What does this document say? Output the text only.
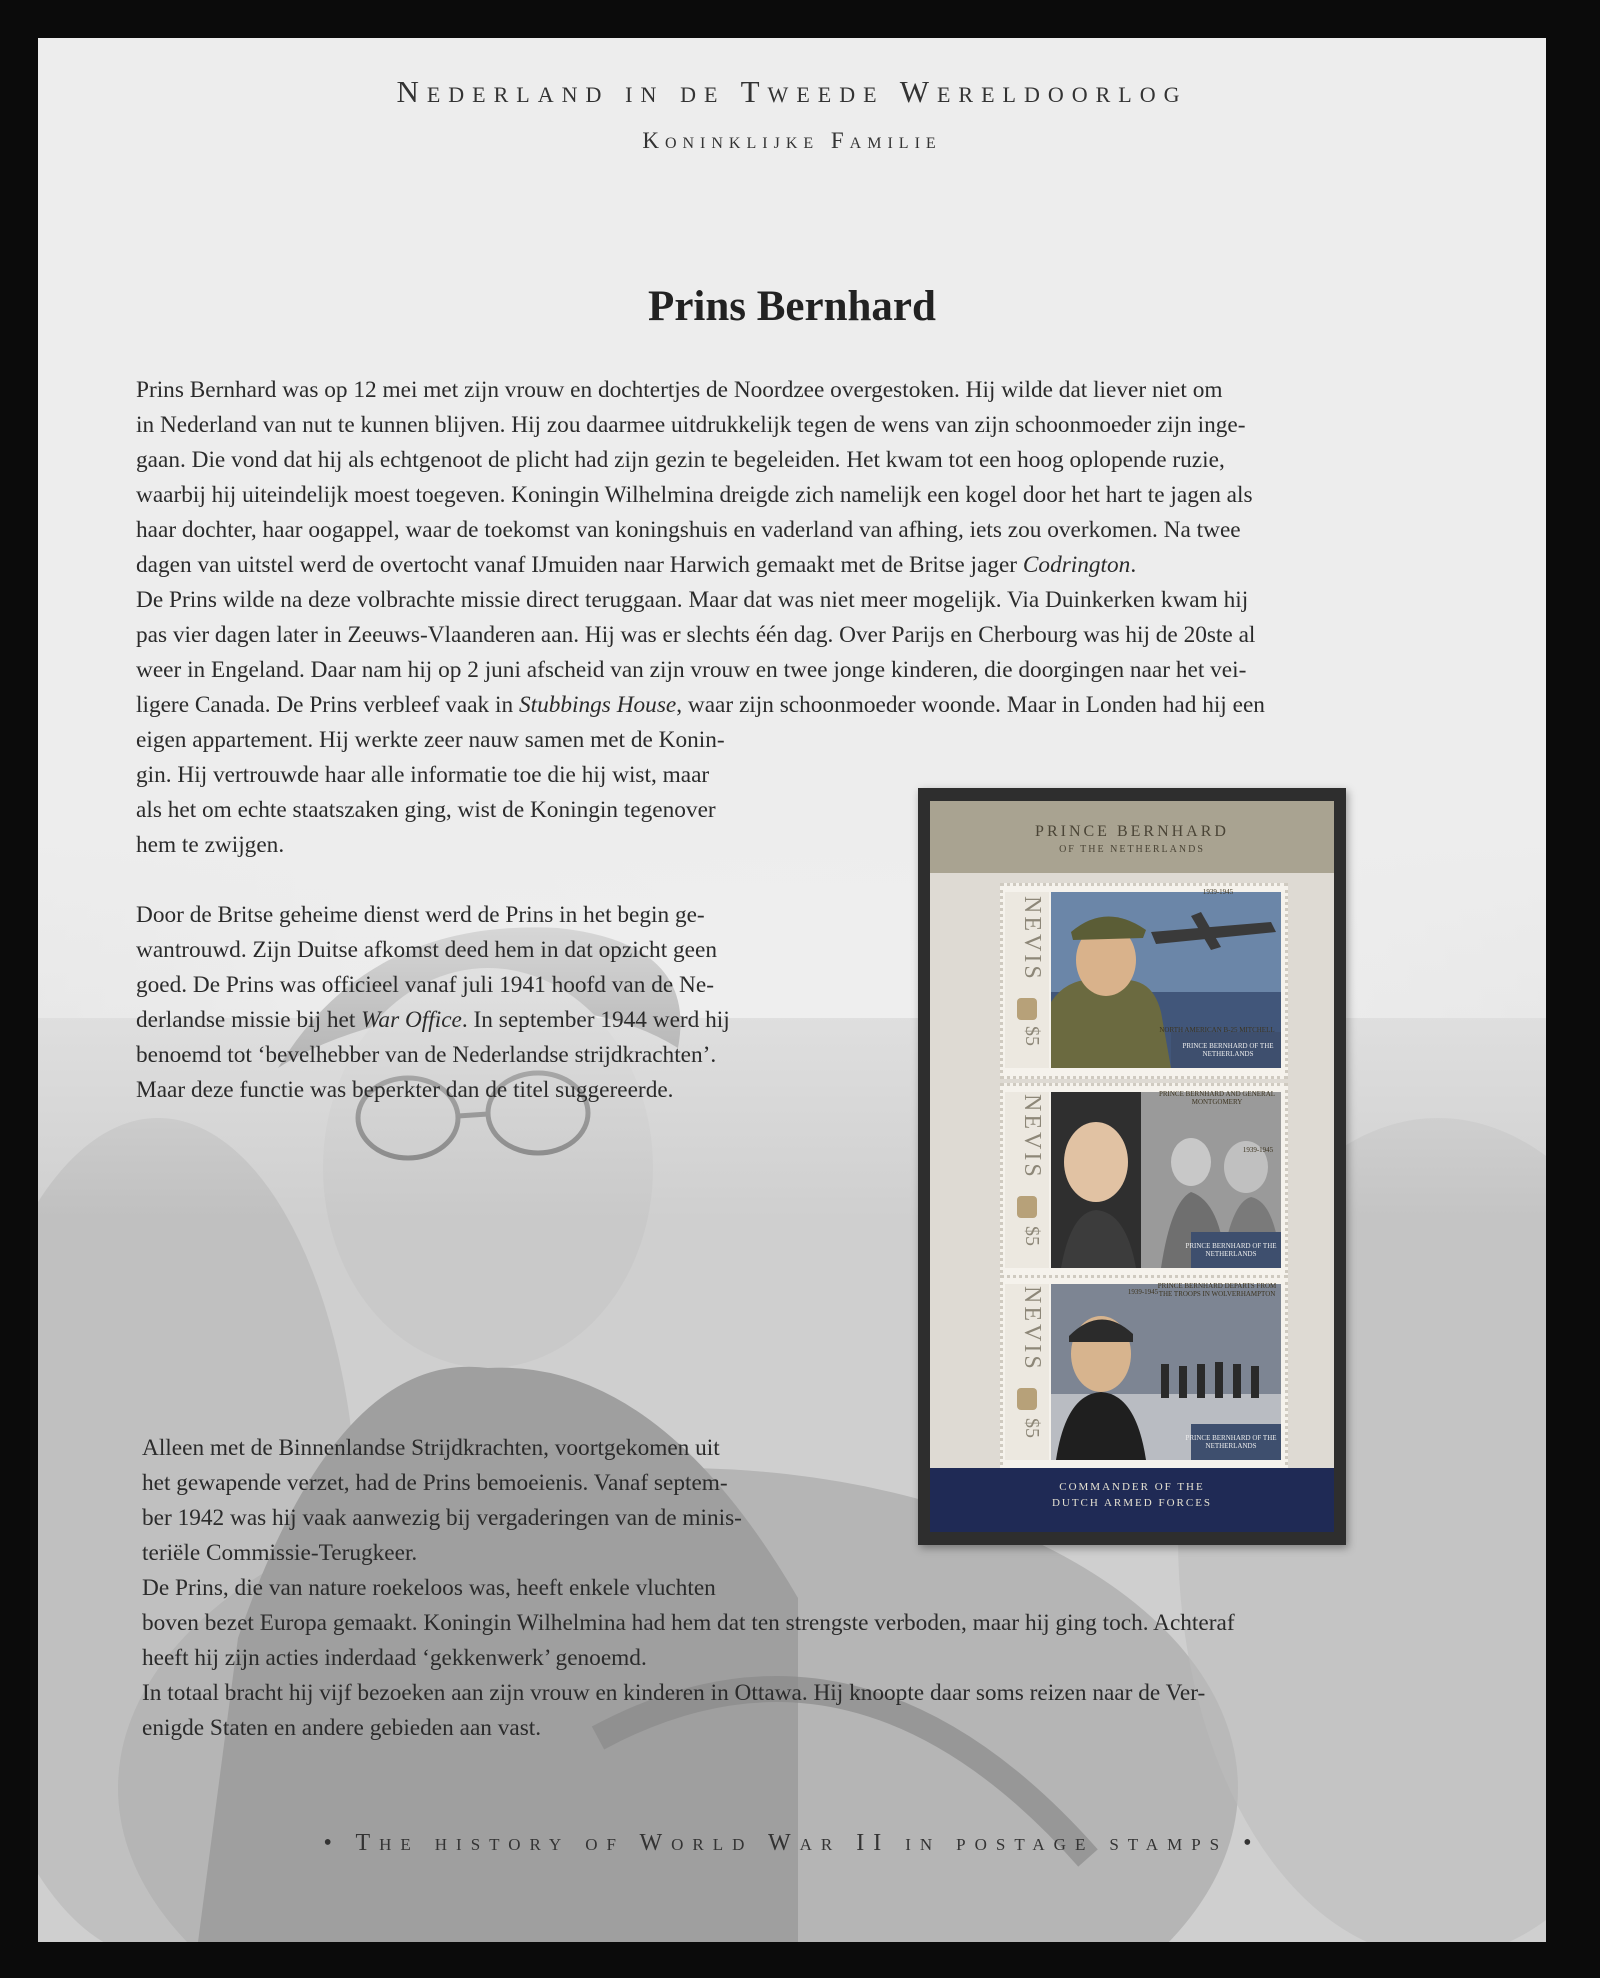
Nederland in de Tweede Wereldoorlog
Koninklijke Familie
Prins Bernhard
Prins Bernhard was op 12 mei met zijn vrouw en dochtertjes de Noordzee overgestoken. Hij wilde dat liever niet om
in Nederland van nut te kunnen blijven. Hij zou daarmee uitdrukkelijk tegen de wens van zijn schoonmoeder zijn inge-
gaan. Die vond dat hij als echtgenoot de plicht had zijn gezin te begeleiden. Het kwam tot een hoog oplopende ruzie,
waarbij hij uiteindelijk moest toegeven. Koningin Wilhelmina dreigde zich namelijk een kogel door het hart te jagen als
haar dochter, haar oogappel, waar de toekomst van koningshuis en vaderland van afhing, iets zou overkomen. Na twee
dagen van uitstel werd de overtocht vanaf IJmuiden naar Harwich gemaakt met de Britse jager Codrington.
De Prins wilde na deze volbrachte missie direct teruggaan. Maar dat was niet meer mogelijk. Via Duinkerken kwam hij
pas vier dagen later in Zeeuws-Vlaanderen aan. Hij was er slechts één dag. Over Parijs en Cherbourg was hij de 20ste al
weer in Engeland. Daar nam hij op 2 juni afscheid van zijn vrouw en twee jonge kinderen, die doorgingen naar het vei-
ligere Canada. De Prins verbleef vaak in Stubbings House, waar zijn schoonmoeder woonde. Maar in Londen had hij een
eigen appartement. Hij werkte zeer nauw samen met de Konin-
gin. Hij vertrouwde haar alle informatie toe die hij wist, maar
als het om echte staatszaken ging, wist de Koningin tegenover
hem te zwijgen.
Door de Britse geheime dienst werd de Prins in het begin ge-
wantrouwd. Zijn Duitse afkomst deed hem in dat opzicht geen
goed. De Prins was officieel vanaf juli 1941 hoofd van de Ne-
derlandse missie bij het War Office. In september 1944 werd hij
benoemd tot ‘bevelhebber van de Nederlandse strijdkrachten’.
Maar deze functie was beperkter dan de titel suggereerde.
Alleen met de Binnenlandse Strijdkrachten, voortgekomen uit
het gewapende verzet, had de Prins bemoeienis. Vanaf septem-
ber 1942 was hij vaak aanwezig bij vergaderingen van de minis-
teriële Commissie-Terugkeer.
De Prins, die van nature roekeloos was, heeft enkele vluchten
boven bezet Europa gemaakt. Koningin Wilhelmina had hem dat ten strengste verboden, maar hij ging toch. Achteraf
heeft hij zijn acties inderdaad ‘gekkenwerk’ genoemd.
In totaal bracht hij vijf bezoeken aan zijn vrouw en kinderen in Ottawa. Hij knoopte daar soms reizen naar de Ver-
enigde Staten en andere gebieden aan vast.
PRINCE BERNHARD
OF THE NETHERLANDS
NEVIS
$5
1939-1945
NORTH AMERICAN B-25 MITCHELL
PRINCE BERNHARD OF THE NETHERLANDS
NEVIS
$5
PRINCE BERNHARD AND GENERAL MONTGOMERY
1939-1945
PRINCE BERNHARD OF THE NETHERLANDS
NEVIS
$5
PRINCE BERNHARD DEPARTS FROM THE TROOPS IN WOLVERHAMPTON
1939-1945
PRINCE BERNHARD OF THE NETHERLANDS
COMMANDER OF THE
DUTCH ARMED FORCES
• The history of World War II in postage stamps •
